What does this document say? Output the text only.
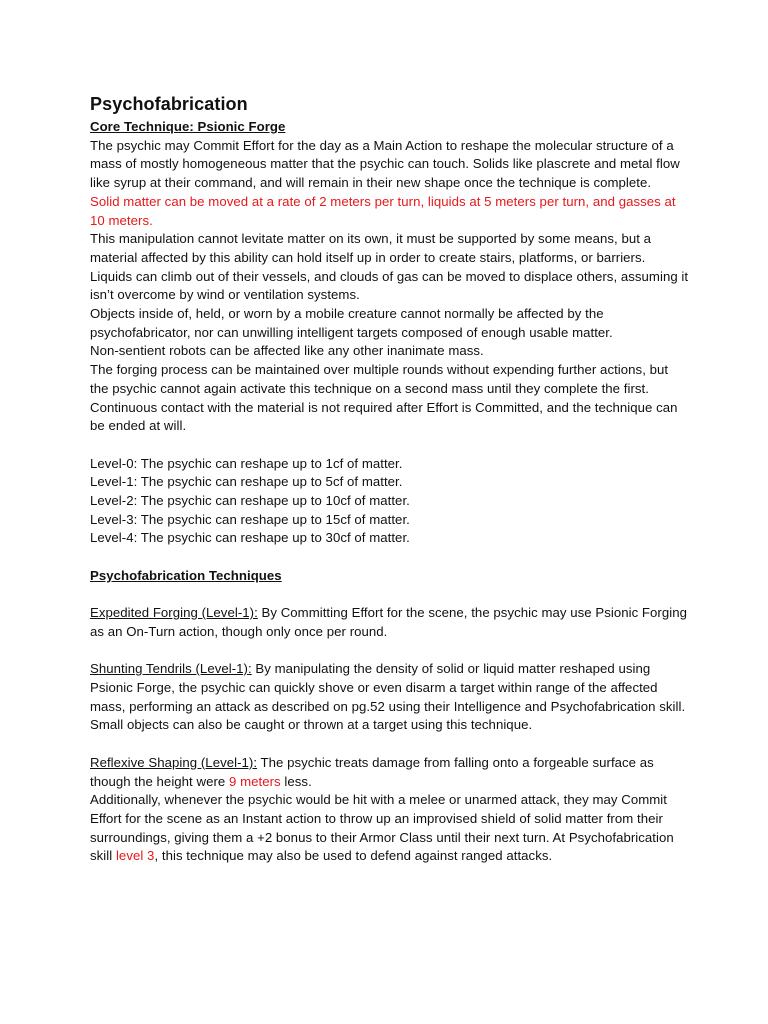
Psychofabrication

Core Technique: Psionic Forge

The psychic may Commit Effort for the day as a Main Action to reshape the molecular structure of a mass of mostly homogeneous matter that the psychic can touch. Solids like plascrete and metal flow like syrup at their command, and will remain in their new shape once the technique is complete.

Solid matter can be moved at a rate of 2 meters per turn, liquids at 5 meters per turn, and gasses at 10 meters.

This manipulation cannot levitate matter on its own, it must be supported by some means, but a material affected by this ability can hold itself up in order to create stairs, platforms, or barriers. Liquids can climb out of their vessels, and clouds of gas can be moved to displace others, assuming it isn’t overcome by wind or ventilation systems.

Objects inside of, held, or worn by a mobile creature cannot normally be affected by the psychofabricator, nor can unwilling intelligent targets composed of enough usable matter.

Non-sentient robots can be affected like any other inanimate mass.

The forging process can be maintained over multiple rounds without expending further actions, but the psychic cannot again activate this technique on a second mass until they complete the first. Continuous contact with the material is not required after Effort is Committed, and the technique can be ended at will.

Level-0: The psychic can reshape up to 1cf of matter.

Level-1: The psychic can reshape up to 5cf of matter.

Level-2: The psychic can reshape up to 10cf of matter.

Level-3: The psychic can reshape up to 15cf of matter.

Level-4: The psychic can reshape up to 30cf of matter.

Psychofabrication Techniques

Expedited Forging (Level-1): By Committing Effort for the scene, the psychic may use Psionic Forging as an On-Turn action, though only once per round.

Shunting Tendrils (Level-1): By manipulating the density of solid or liquid matter reshaped using Psionic Forge, the psychic can quickly shove or even disarm a target within range of the affected mass, performing an attack as described on pg.52 using their Intelligence and Psychofabrication skill. Small objects can also be caught or thrown at a target using this technique.

Reflexive Shaping (Level-1): The psychic treats damage from falling onto a forgeable surface as though the height were 9 meters less.

Additionally, whenever the psychic would be hit with a melee or unarmed attack, they may Commit Effort for the scene as an Instant action to throw up an improvised shield of solid matter from their surroundings, giving them a +2 bonus to their Armor Class until their next turn. At Psychofabrication skill level 3, this technique may also be used to defend against ranged attacks.
